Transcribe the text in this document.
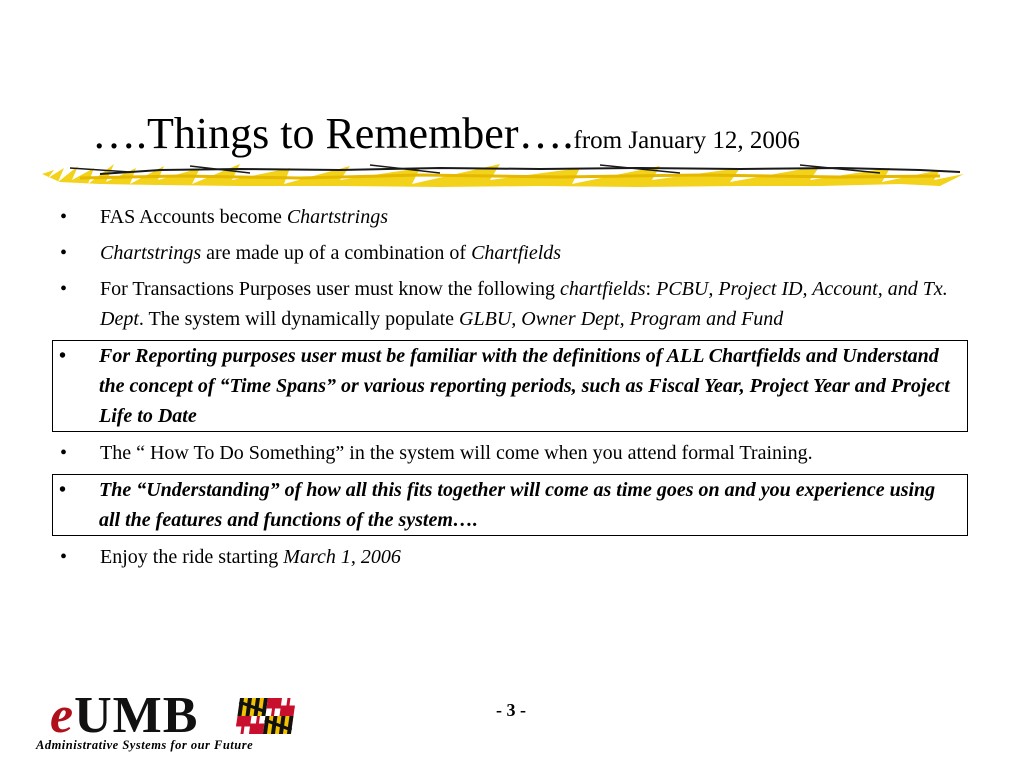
….Things to Remember….from January 12, 2006
• FAS Accounts become Chartstrings
• Chartstrings are made up of a combination of Chartfields
• For Transactions Purposes user must know the following chartfields: PCBU, Project ID, Account, and Tx. Dept. The system will dynamically populate GLBU, Owner Dept, Program and Fund
• For Reporting purposes user must be familiar with the definitions of ALL Chartfields and Understand the concept of “Time Spans” or various reporting periods, such as Fiscal Year, Project Year and Project Life to Date
• The “ How To Do Something” in the system will come when you attend formal Training.
• The “Understanding” of how all this fits together will come as time goes on and you experience using all the features and functions of the system….
• Enjoy the ride starting March 1, 2006
- 3 -
eUMB
Administrative Systems for our Future
